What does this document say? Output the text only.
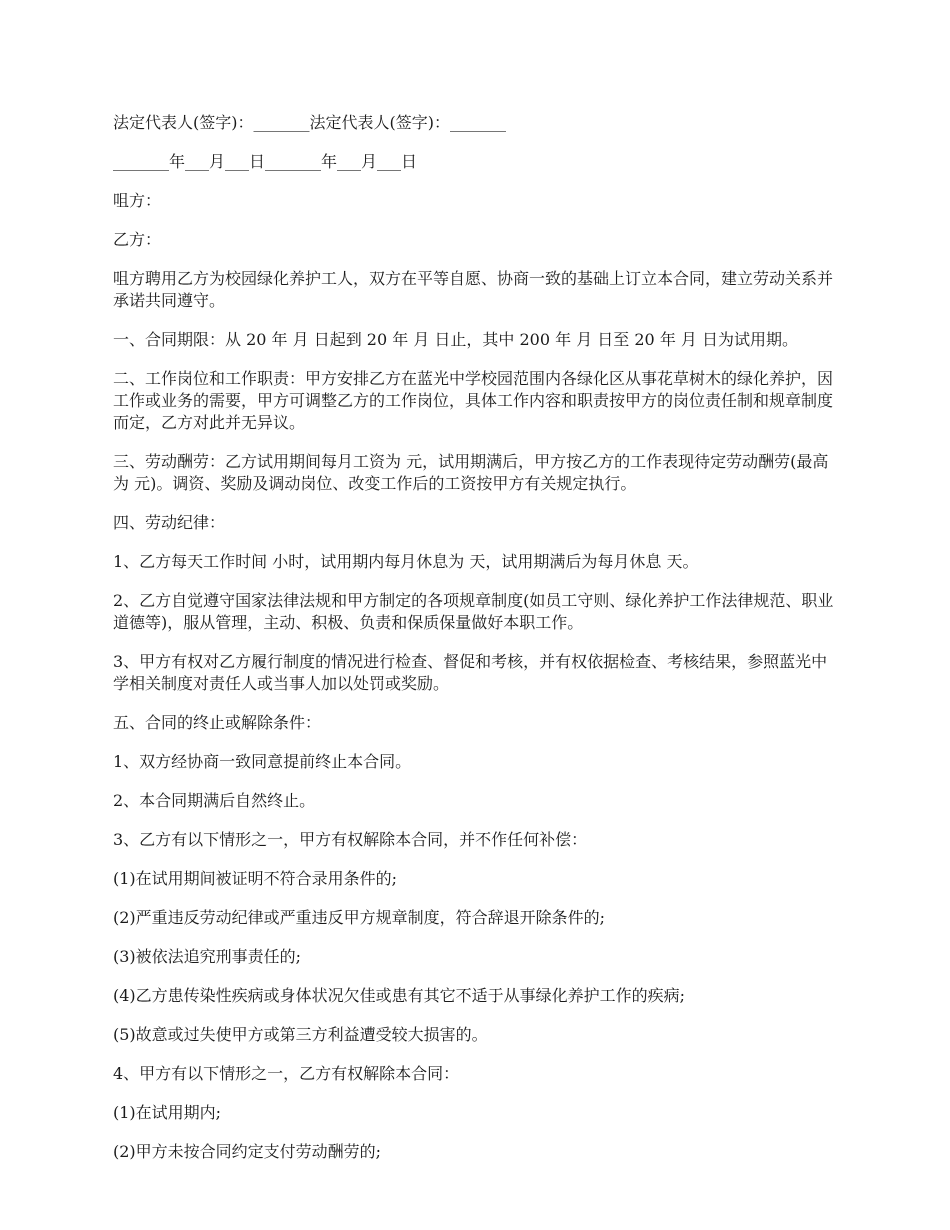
法定代表人(签字)：_______法定代表人(签字)：_______

_______年___月___日_______年___月___日

咀方：

乙方：

咀方聘用乙方为校园绿化养护工人，双方在平等自愿、协商一致的基础上订立本合同，建立劳动关系并承诺共同遵守。

一、合同期限：从 20 年 月 日起到 20 年 月 日止，其中 200 年 月 日至 20 年 月 日为试用期。

二、工作岗位和工作职责：甲方安排乙方在蓝光中学校园范围内各绿化区从事花草树木的绿化养护，因工作或业务的需要，甲方可调整乙方的工作岗位，具体工作内容和职责按甲方的岗位责任制和规章制度而定，乙方对此并无异议。

三、劳动酬劳：乙方试用期间每月工资为 元，试用期满后，甲方按乙方的工作表现待定劳动酬劳(最高为 元)。调资、奖励及调动岗位、改变工作后的工资按甲方有关规定执行。

四、劳动纪律：

1、乙方每天工作时间 小时，试用期内每月休息为 天，试用期满后为每月休息 天。

2、乙方自觉遵守国家法律法规和甲方制定的各项规章制度(如员工守则、绿化养护工作法律规范、职业道德等)，服从管理，主动、积极、负责和保质保量做好本职工作。

3、甲方有权对乙方履行制度的情况进行检查、督促和考核，并有权依据检查、考核结果，参照蓝光中学相关制度对责任人或当事人加以处罚或奖励。

五、合同的终止或解除条件：

1、双方经协商一致同意提前终止本合同。

2、本合同期满后自然终止。

3、乙方有以下情形之一，甲方有权解除本合同，并不作任何补偿：

(1)在试用期间被证明不符合录用条件的;

(2)严重违反劳动纪律或严重违反甲方规章制度，符合辞退开除条件的;

(3)被依法追究刑事责任的;

(4)乙方患传染性疾病或身体状况欠佳或患有其它不适于从事绿化养护工作的疾病;

(5)故意或过失使甲方或第三方利益遭受较大损害的。

4、甲方有以下情形之一，乙方有权解除本合同：

(1)在试用期内;

(2)甲方未按合同约定支付劳动酬劳的;
